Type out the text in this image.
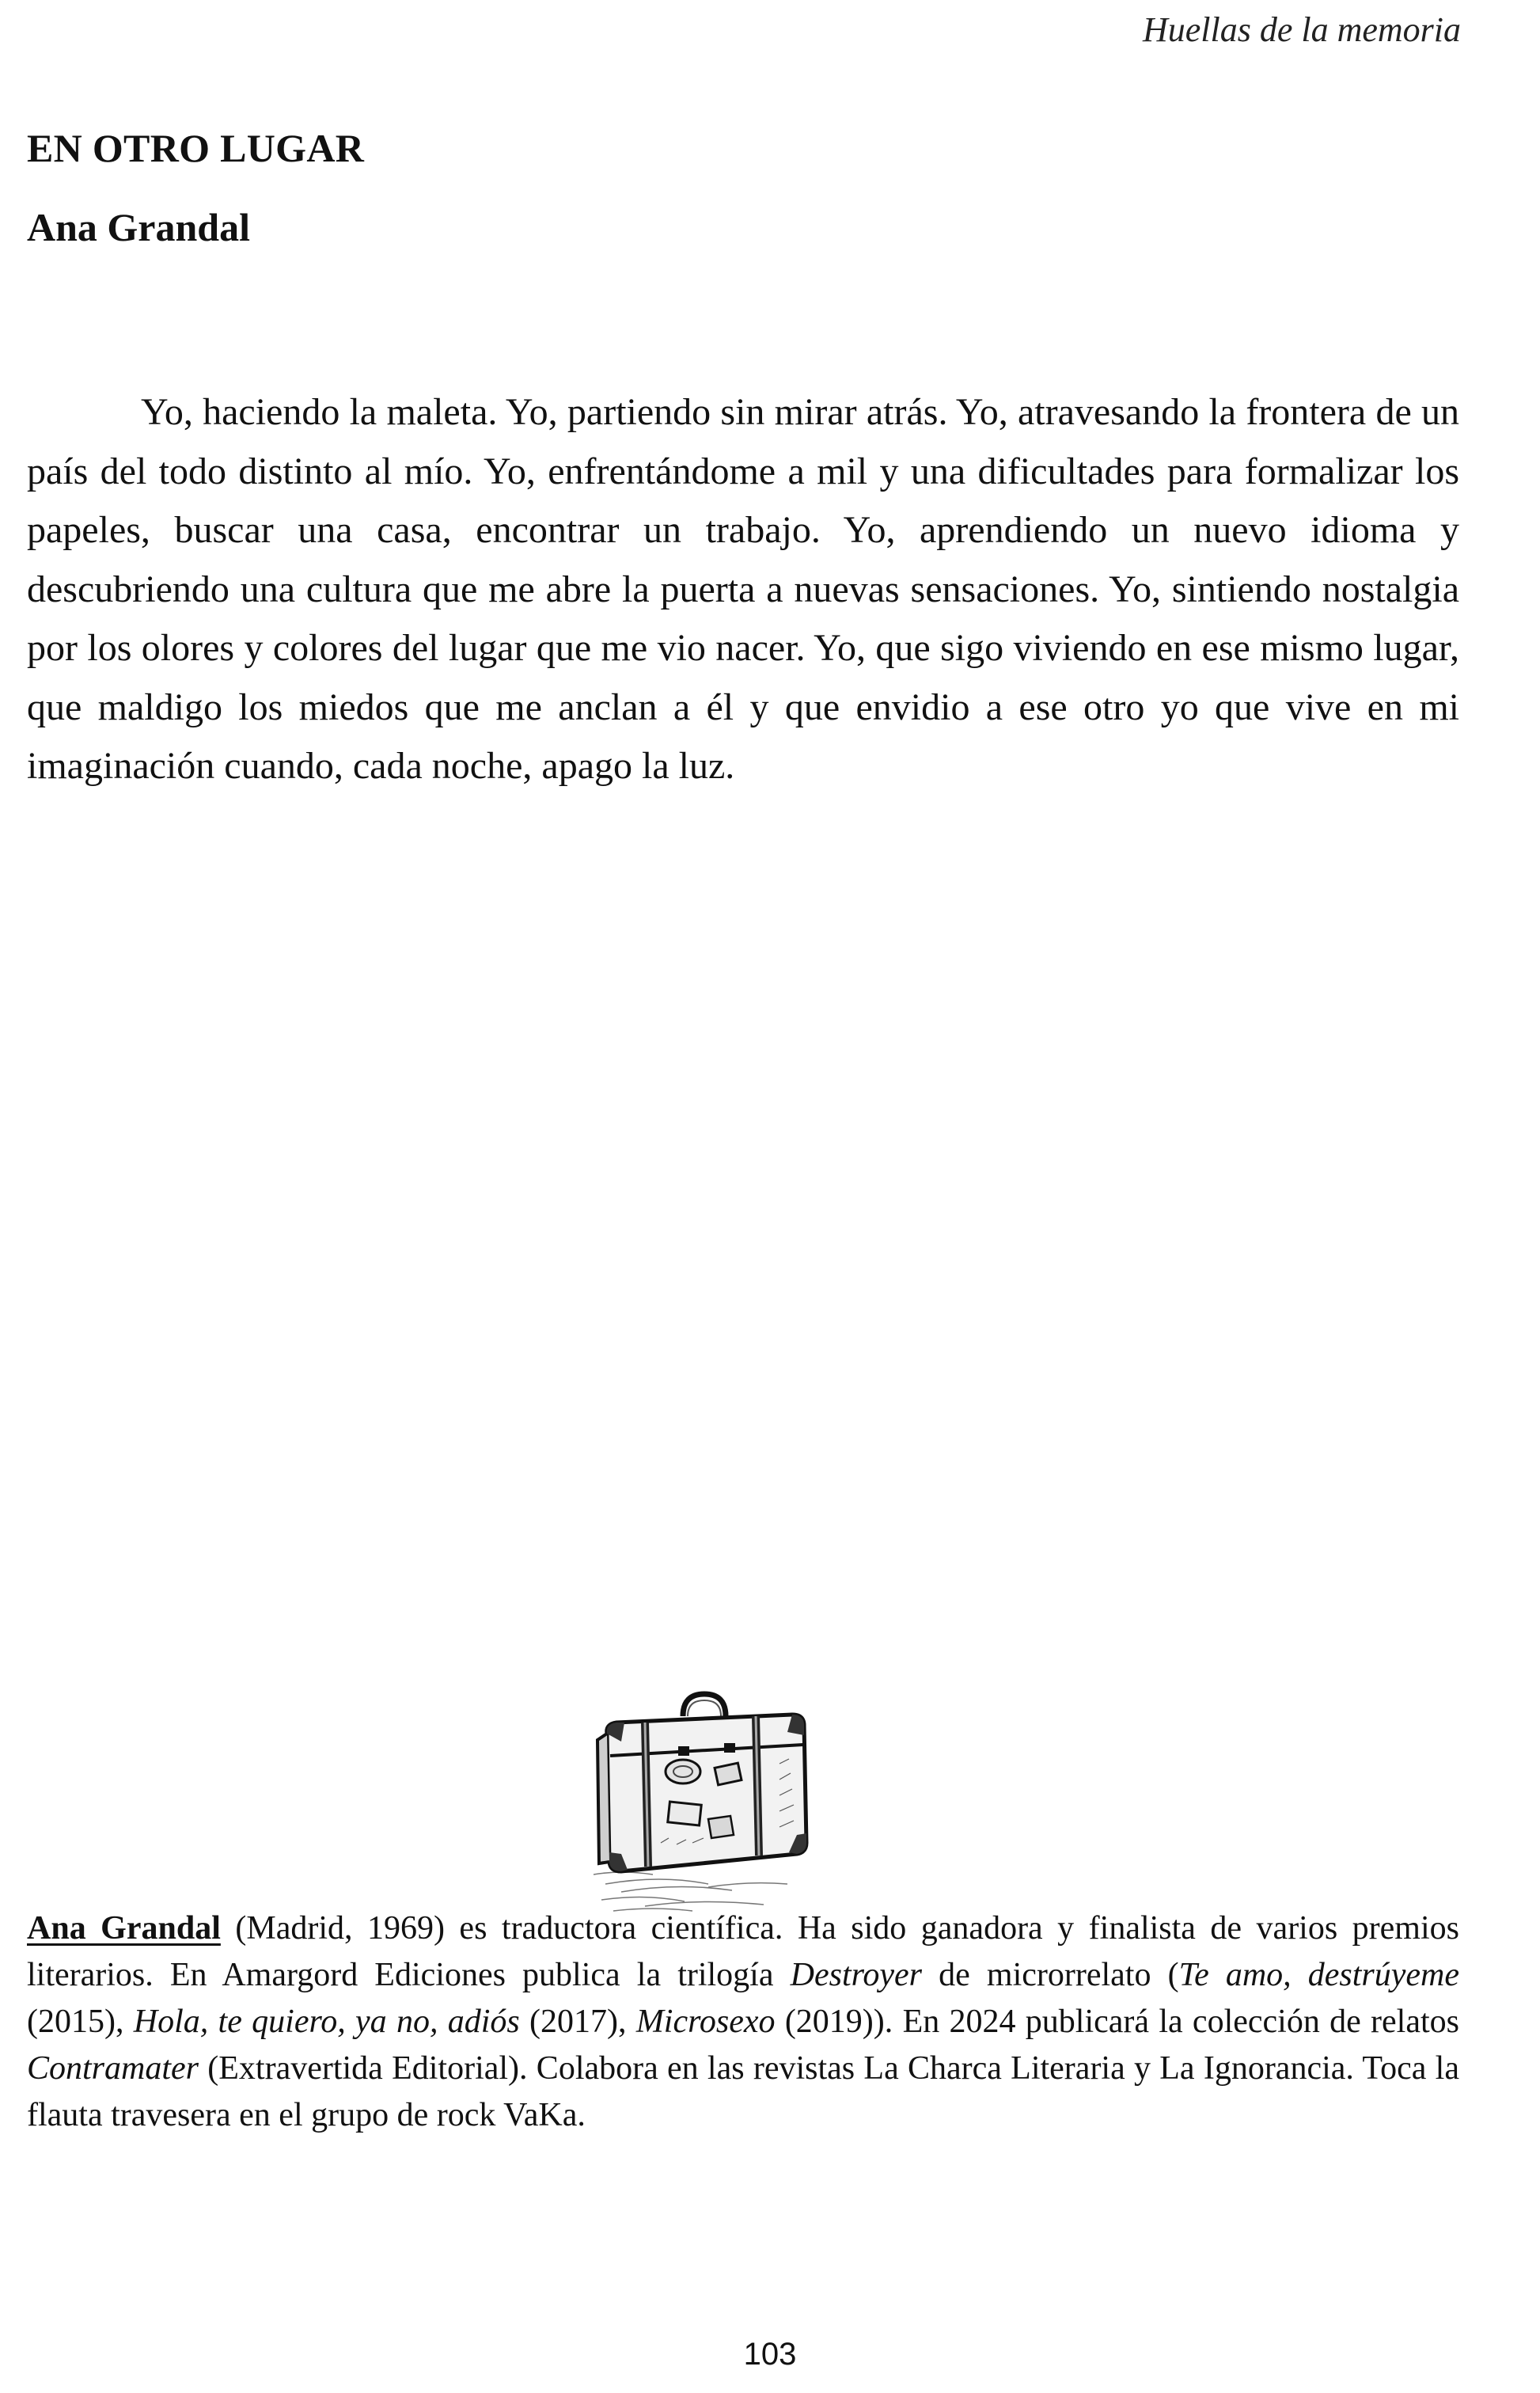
Huellas de la memoria
EN OTRO LUGAR
Ana Grandal

Yo, haciendo la maleta. Yo, partiendo sin mirar atrás. Yo, atravesando la frontera de un país del todo distinto al mío. Yo, enfrentándome a mil y una dificultades para formalizar los papeles, buscar una casa, encontrar un trabajo. Yo, aprendiendo un nuevo idioma y descubriendo una cultura que me abre la puerta a nuevas sensaciones. Yo, sintiendo nostalgia por los olores y colores del lugar que me vio nacer. Yo, que sigo viviendo en ese mismo lugar, que maldigo los miedos que me anclan a él y que envidio a ese otro yo que vive en mi imaginación cuando, cada noche, apago la luz.

Ana Grandal (Madrid, 1969) es traductora científica. Ha sido ganadora y finalista de varios premios literarios. En Amargord Ediciones publica la trilogía Destroyer de microrrelato (Te amo, destrúyeme (2015), Hola, te quiero, ya no, adiós (2017), Microsexo (2019)). En 2024 publicará la colección de relatos Contramater (Extravertida Editorial). Colabora en las revistas La Charca Literaria y La Ignorancia. Toca la flauta travesera en el grupo de rock VaKa.

103
